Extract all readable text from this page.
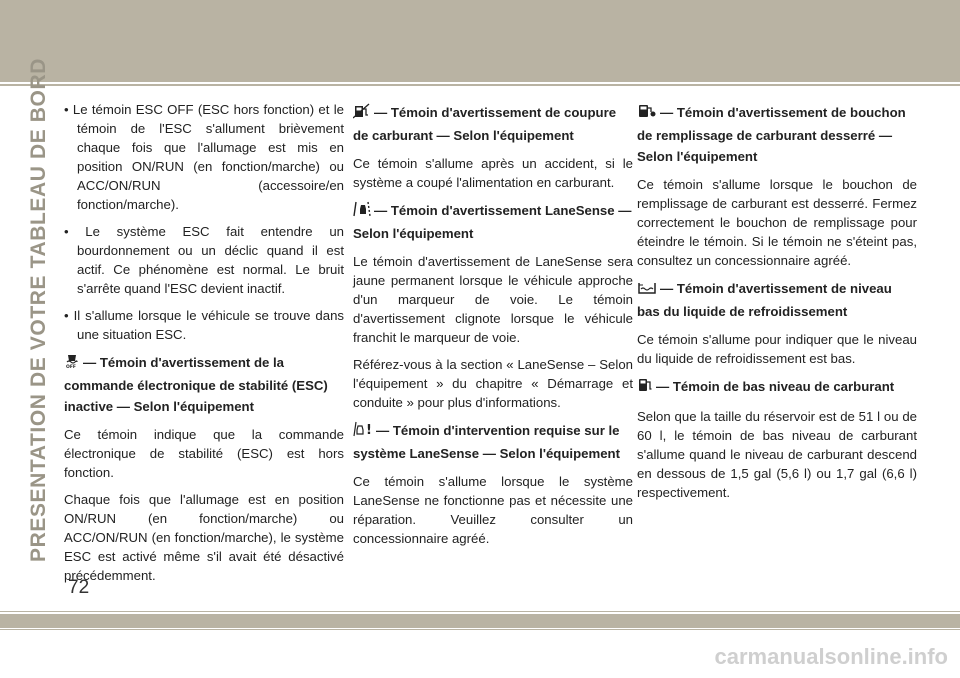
PRESENTATION DE VOTRE TABLEAU DE BORD • Le témoin ESC OFF (ESC hors fonction) et le témoin de l'ESC s'allument brièvement chaque fois que l'allumage est mis en position ON/RUN (en fonction/marche) ou ACC/ON/RUN (accessoire/en fonction/marche).

• Le système ESC fait entendre un bourdonnement ou un déclic quand il est actif. Ce phénomène est normal. Le bruit s'arrête quand l'ESC devient inactif.

• Il s'allume lorsque le véhicule se trouve dans une situation ESC.

OFF — Témoin d'avertissement de la commande électronique de stabilité (ESC) inactive — Selon l'équipement

Ce témoin indique que la commande électronique de stabilité (ESC) est hors fonction.

Chaque fois que l'allumage est en position ON/RUN (en fonction/marche) ou ACC/ON/RUN (en fonction/marche), le système ESC est activé même s'il avait été désactivé précédemment.

— Témoin d'avertissement de coupure de carburant — Selon l'équipement

Ce témoin s'allume après un accident, si le système a coupé l'alimentation en carburant.

— Témoin d'avertissement LaneSense — Selon l'équipement

Le témoin d'avertissement de LaneSense sera jaune permanent lorsque le véhicule approche d'un marqueur de voie. Le témoin d'avertissement clignote lorsque le véhicule franchit le marqueur de voie.

Référez-vous à la section « LaneSense – Selon l'équipement » du chapitre « Démarrage et conduite » pour plus d'informations.

! — Témoin d'intervention requise sur le système LaneSense — Selon l'équipement

Ce témoin s'allume lorsque le système LaneSense ne fonctionne pas et nécessite une réparation. Veuillez consulter un concessionnaire agréé.

— Témoin d'avertissement de bouchon de remplissage de carburant desserré — Selon l'équipement

Ce témoin s'allume lorsque le bouchon de remplissage de carburant est desserré. Fermez correctement le bouchon de remplissage pour éteindre le témoin. Si le témoin ne s'éteint pas, consultez un concessionnaire agréé.

— Témoin d'avertissement de niveau bas du liquide de refroidissement

Ce témoin s'allume pour indiquer que le niveau du liquide de refroidissement est bas.

— Témoin de bas niveau de carburant

Selon que la taille du réservoir est de 51 l ou de 60 l, le témoin de bas niveau de carburant s'allume quand le niveau de carburant descend en dessous de 1,5 gal (5,6 l) ou 1,7 gal (6,6 l) respectivement.

72
carmanualsonline.info
